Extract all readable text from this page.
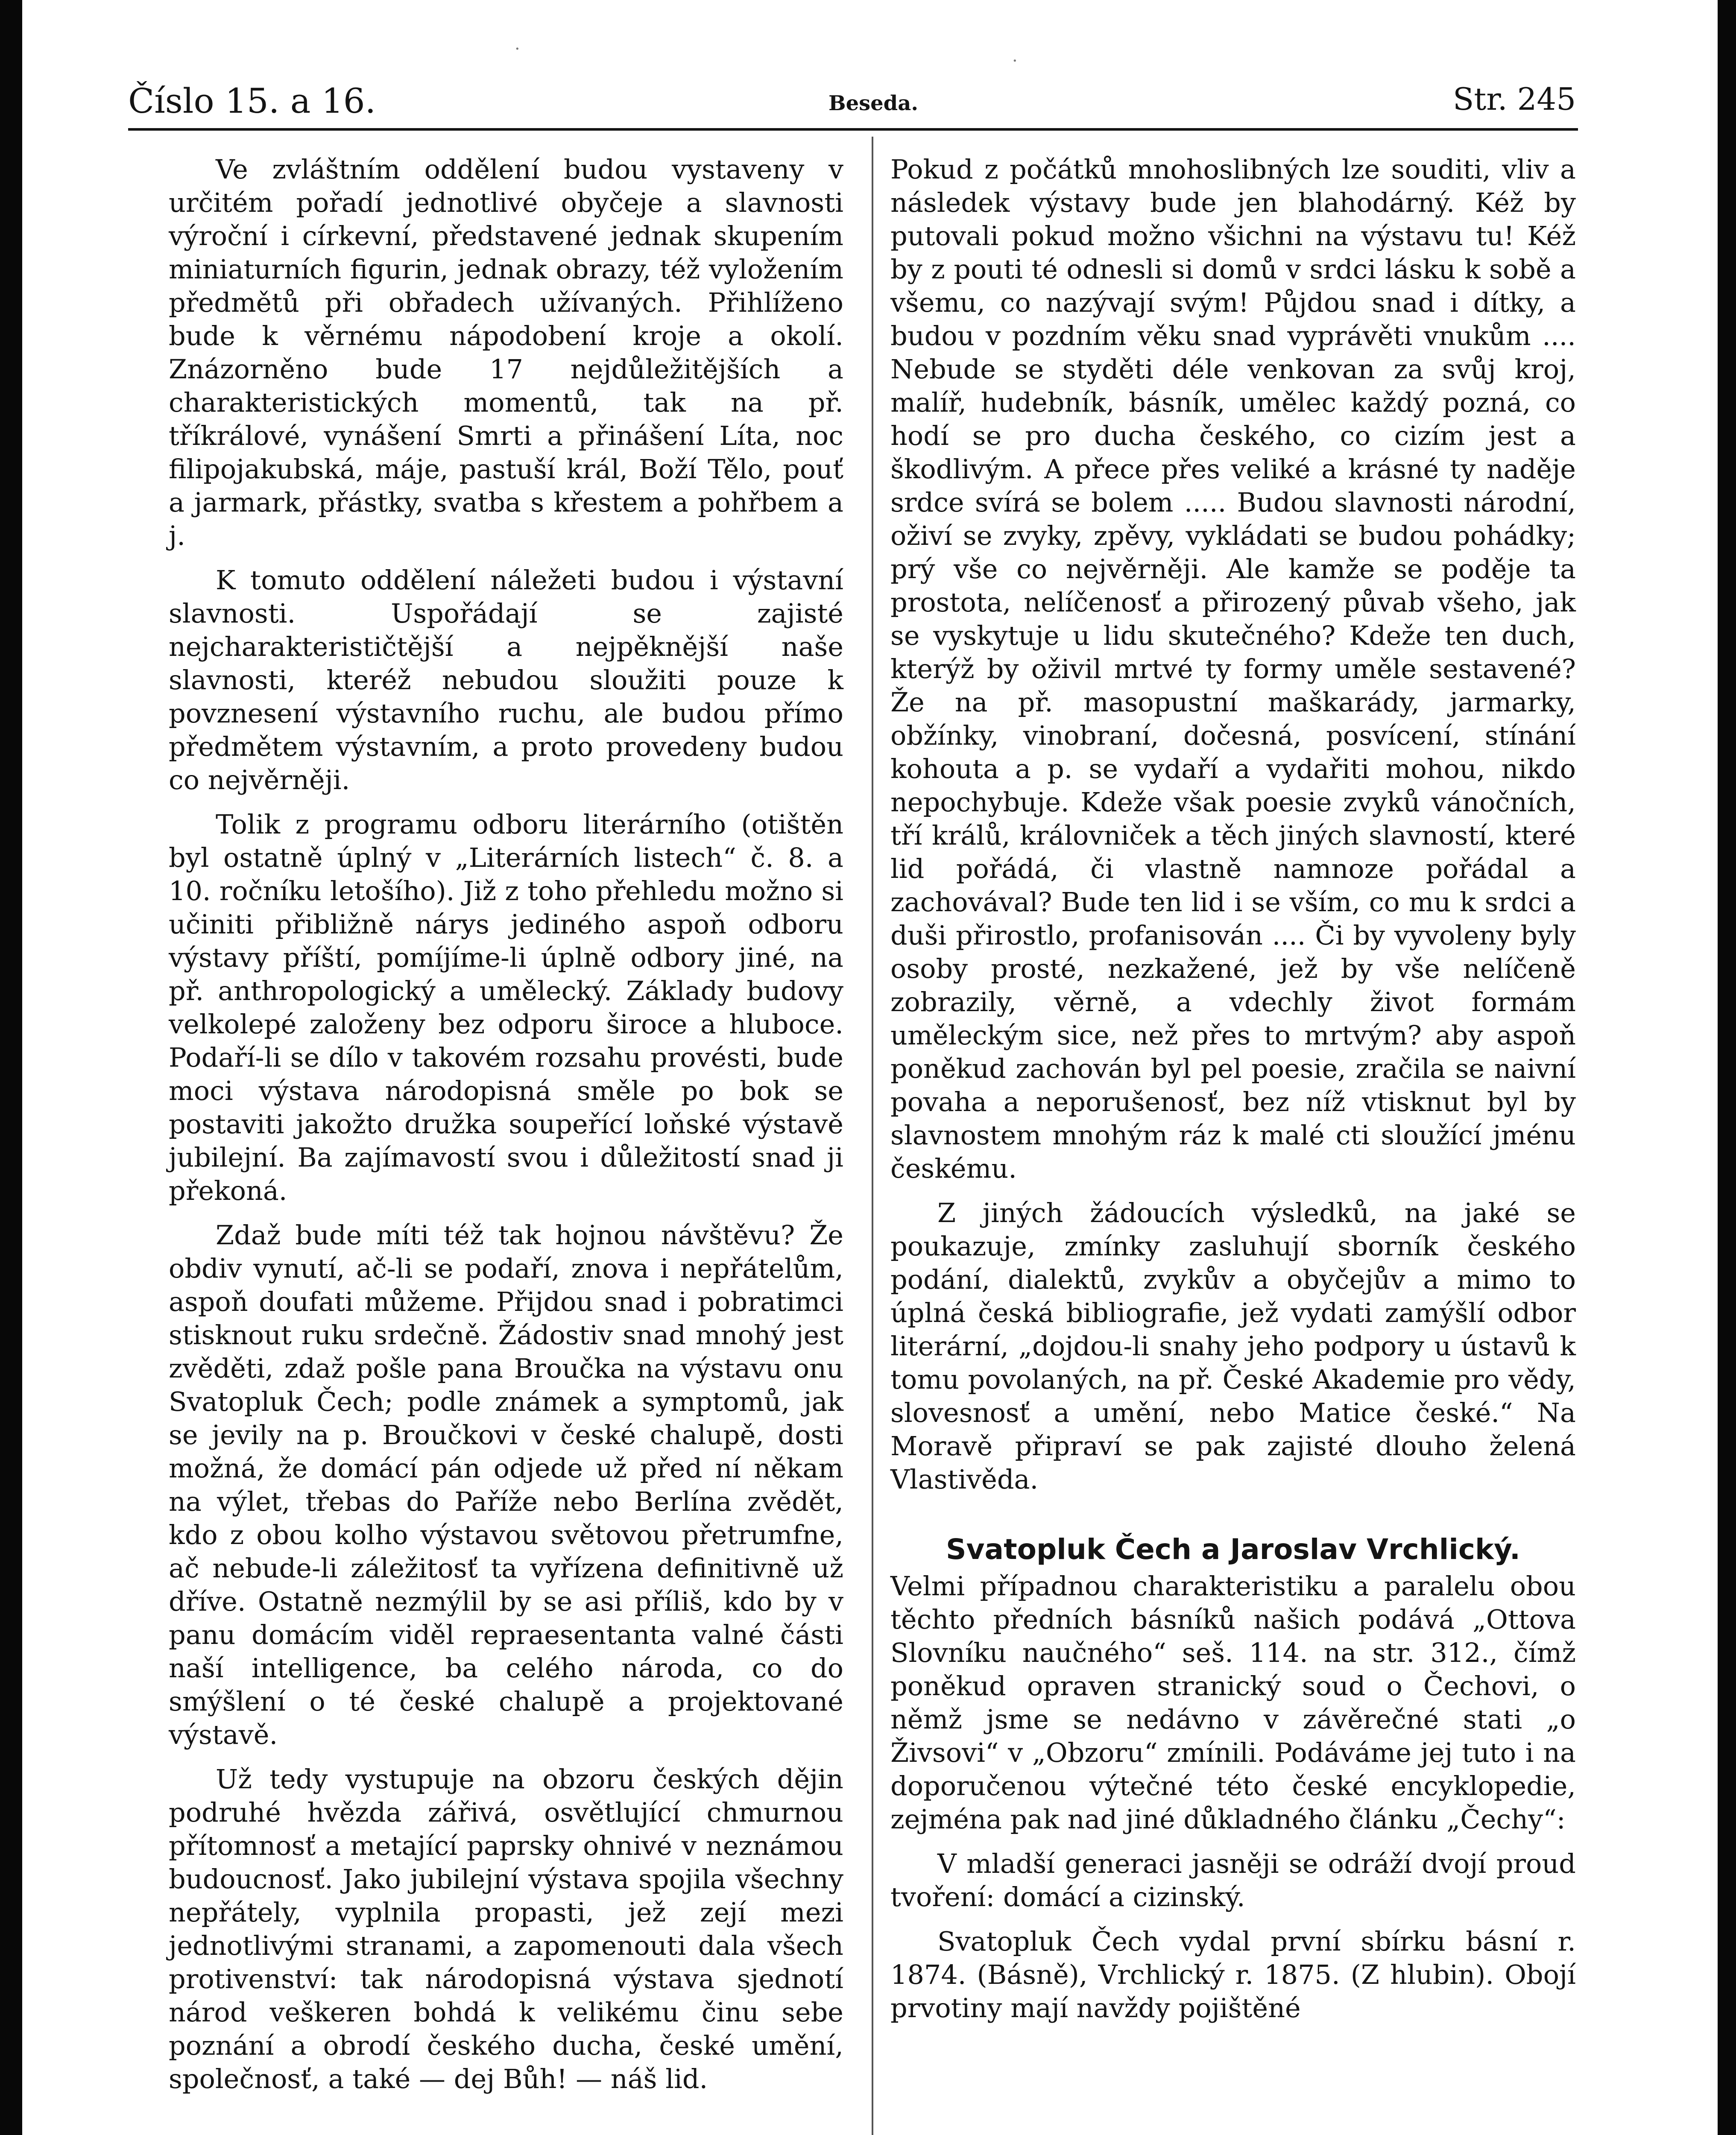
·
·
Číslo 15. a 16.	Beseda.	Str. 245

Ve zvláštním oddělení budou vystaveny v určitém pořadí jednotlivé obyčeje a slavnosti výroční i církevní, představené jednak skupením miniaturních figurin, jednak obrazy, též vyložením předmětů při obřadech užívaných. Přihlíženo bude k věrnému nápodobení kroje a okolí. Znázorněno bude 17 nejdůležitějších a charakteristických momentů, tak na př. tříkrálové, vynášení Smrti a přinášení Líta, noc filipojakubská, máje, pastuší král, Boží Tělo, pouť a jarmark, přástky, svatba s křestem a pohřbem a j.

K tomuto oddělení náležeti budou i výstavní slavnosti. Uspořádají se zajisté nejcharakterističtější a nejpěknější naše slavnosti, kteréž nebudou sloužiti pouze k povznesení výstavního ruchu, ale budou přímo předmětem výstavním, a proto provedeny budou co nejvěrněji.

Tolik z programu odboru literárního (otištěn byl ostatně úplný v „Literárních listech“ č. 8. a 10. ročníku letošího). Již z toho přehledu možno si učiniti přibližně nárys jediného aspoň odboru výstavy příští, pomíjíme-li úplně odbory jiné, na př. anthropologický a umělecký. Základy budovy velkolepé založeny bez odporu široce a hluboce. Podaří-li se dílo v takovém rozsahu provésti, bude moci výstava národopisná směle po bok se postaviti jakožto družka soupeřící loňské výstavě jubilejní. Ba zajímavostí svou i důležitostí snad ji překoná.

Zdaž bude míti též tak hojnou návštěvu? Že obdiv vynutí, ač-li se podaří, znova i nepřátelům, aspoň doufati můžeme. Přijdou snad i pobratimci stisknout ruku srdečně. Žádostiv snad mnohý jest zvěděti, zdaž pošle pana Broučka na výstavu onu Svatopluk Čech; podle známek a symptomů, jak se jevily na p. Broučkovi v české chalupě, dosti možná, že domácí pán odjede už před ní někam na výlet, třebas do Paříže nebo Berlína zvědět, kdo z obou kolho výstavou světovou přetrumfne, ač nebude-li záležitosť ta vyřízena definitivně už dříve. Ostatně nezmýlil by se asi příliš, kdo by v panu domácím viděl repraesentanta valné části naší intelligence, ba celého národa, co do smýšlení o té české chalupě a projektované výstavě.

Už tedy vystupuje na obzoru českých dějin podruhé hvězda zářivá, osvětlující chmurnou přítomnosť a metající paprsky ohnivé v neznámou budoucnosť. Jako jubilejní výstava spojila všechny nepřátely, vyplnila propasti, jež zejí mezi jednotlivými stranami, a zapomenouti dala všech protivenství: tak národopisná výstava sjednotí národ veškeren bohdá k velikému činu sebe poznání a obrodí českého ducha, české umění, společnosť, a také — dej Bůh! — náš lid.

Pokud z počátků mnohoslibných lze souditi, vliv a následek výstavy bude jen blahodárný. Kéž by putovali pokud možno všichni na výstavu tu! Kéž by z pouti té odnesli si domů v srdci lásku k sobě a všemu, co nazývají svým! Půjdou snad i dítky, a budou v pozdním věku snad vyprávěti vnukům .... Nebude se styděti déle venkovan za svůj kroj, malíř, hudebník, básník, umělec každý pozná, co hodí se pro ducha českého, co cizím jest a škodlivým. A přece přes veliké a krásné ty naděje srdce svírá se bolem ..... Budou slavnosti národní, oživí se zvyky, zpěvy, vykládati se budou pohádky; prý vše co nejvěrněji. Ale kamže se poděje ta prostota, nelíčenosť a přirozený půvab všeho, jak se vyskytuje u lidu skutečného? Kdeže ten duch, kterýž by oživil mrtvé ty formy uměle sestavené? Že na př. masopustní maškarády, jarmarky, obžínky, vinobraní, dočesná, posvícení, stínání kohouta a p. se vydaří a vydařiti mohou, nikdo nepochybuje. Kdeže však poesie zvyků vánočních, tří králů, královniček a těch jiných slavností, které lid pořádá, či vlastně namnoze pořádal a zachovával? Bude ten lid i se vším, co mu k srdci a duši přirostlo, profanisován .... Či by vyvoleny byly osoby prosté, nezkažené, jež by vše nelíčeně zobrazily, věrně, a vdechly život formám uměleckým sice, než přes to mrtvým? aby aspoň poněkud zachován byl pel poesie, zračila se naivní povaha a neporušenosť, bez níž vtisknut byl by slavnostem mnohým ráz k malé cti sloužící jménu českému.

Z jiných žádoucích výsledků, na jaké se poukazuje, zmínky zasluhují sborník českého podání, dialektů, zvykův a obyčejův a mimo to úplná česká bibliografie, jež vydati zamýšlí odbor literární, „dojdou-li snahy jeho podpory u ústavů k tomu povolaných, na př. České Akademie pro vědy, slovesnosť a umění, nebo Matice české.“ Na Moravě připraví se pak zajisté dlouho želená Vlastivěda.

Svatopluk Čech a Jaroslav Vrchlický.

Velmi případnou charakteristiku a paralelu obou těchto předních básníků našich podává „Ottova Slovníku naučného“ seš. 114. na str. 312., čímž poněkud opraven stranický soud o Čechovi, o němž jsme se nedávno v závěrečné stati „o Živsovi“ v „Obzoru“ zmínili. Podáváme jej tuto i na doporučenou výtečné této české encyklopedie, zejména pak nad jiné důkladného článku „Čechy“:

V mladší generaci jasněji se odráží dvojí proud tvoření: domácí a cizinský.

Svatopluk Čech vydal první sbírku básní r. 1874. (Básně), Vrchlický r. 1875. (Z hlubin). Obojí prvotiny mají navždy pojištěné
